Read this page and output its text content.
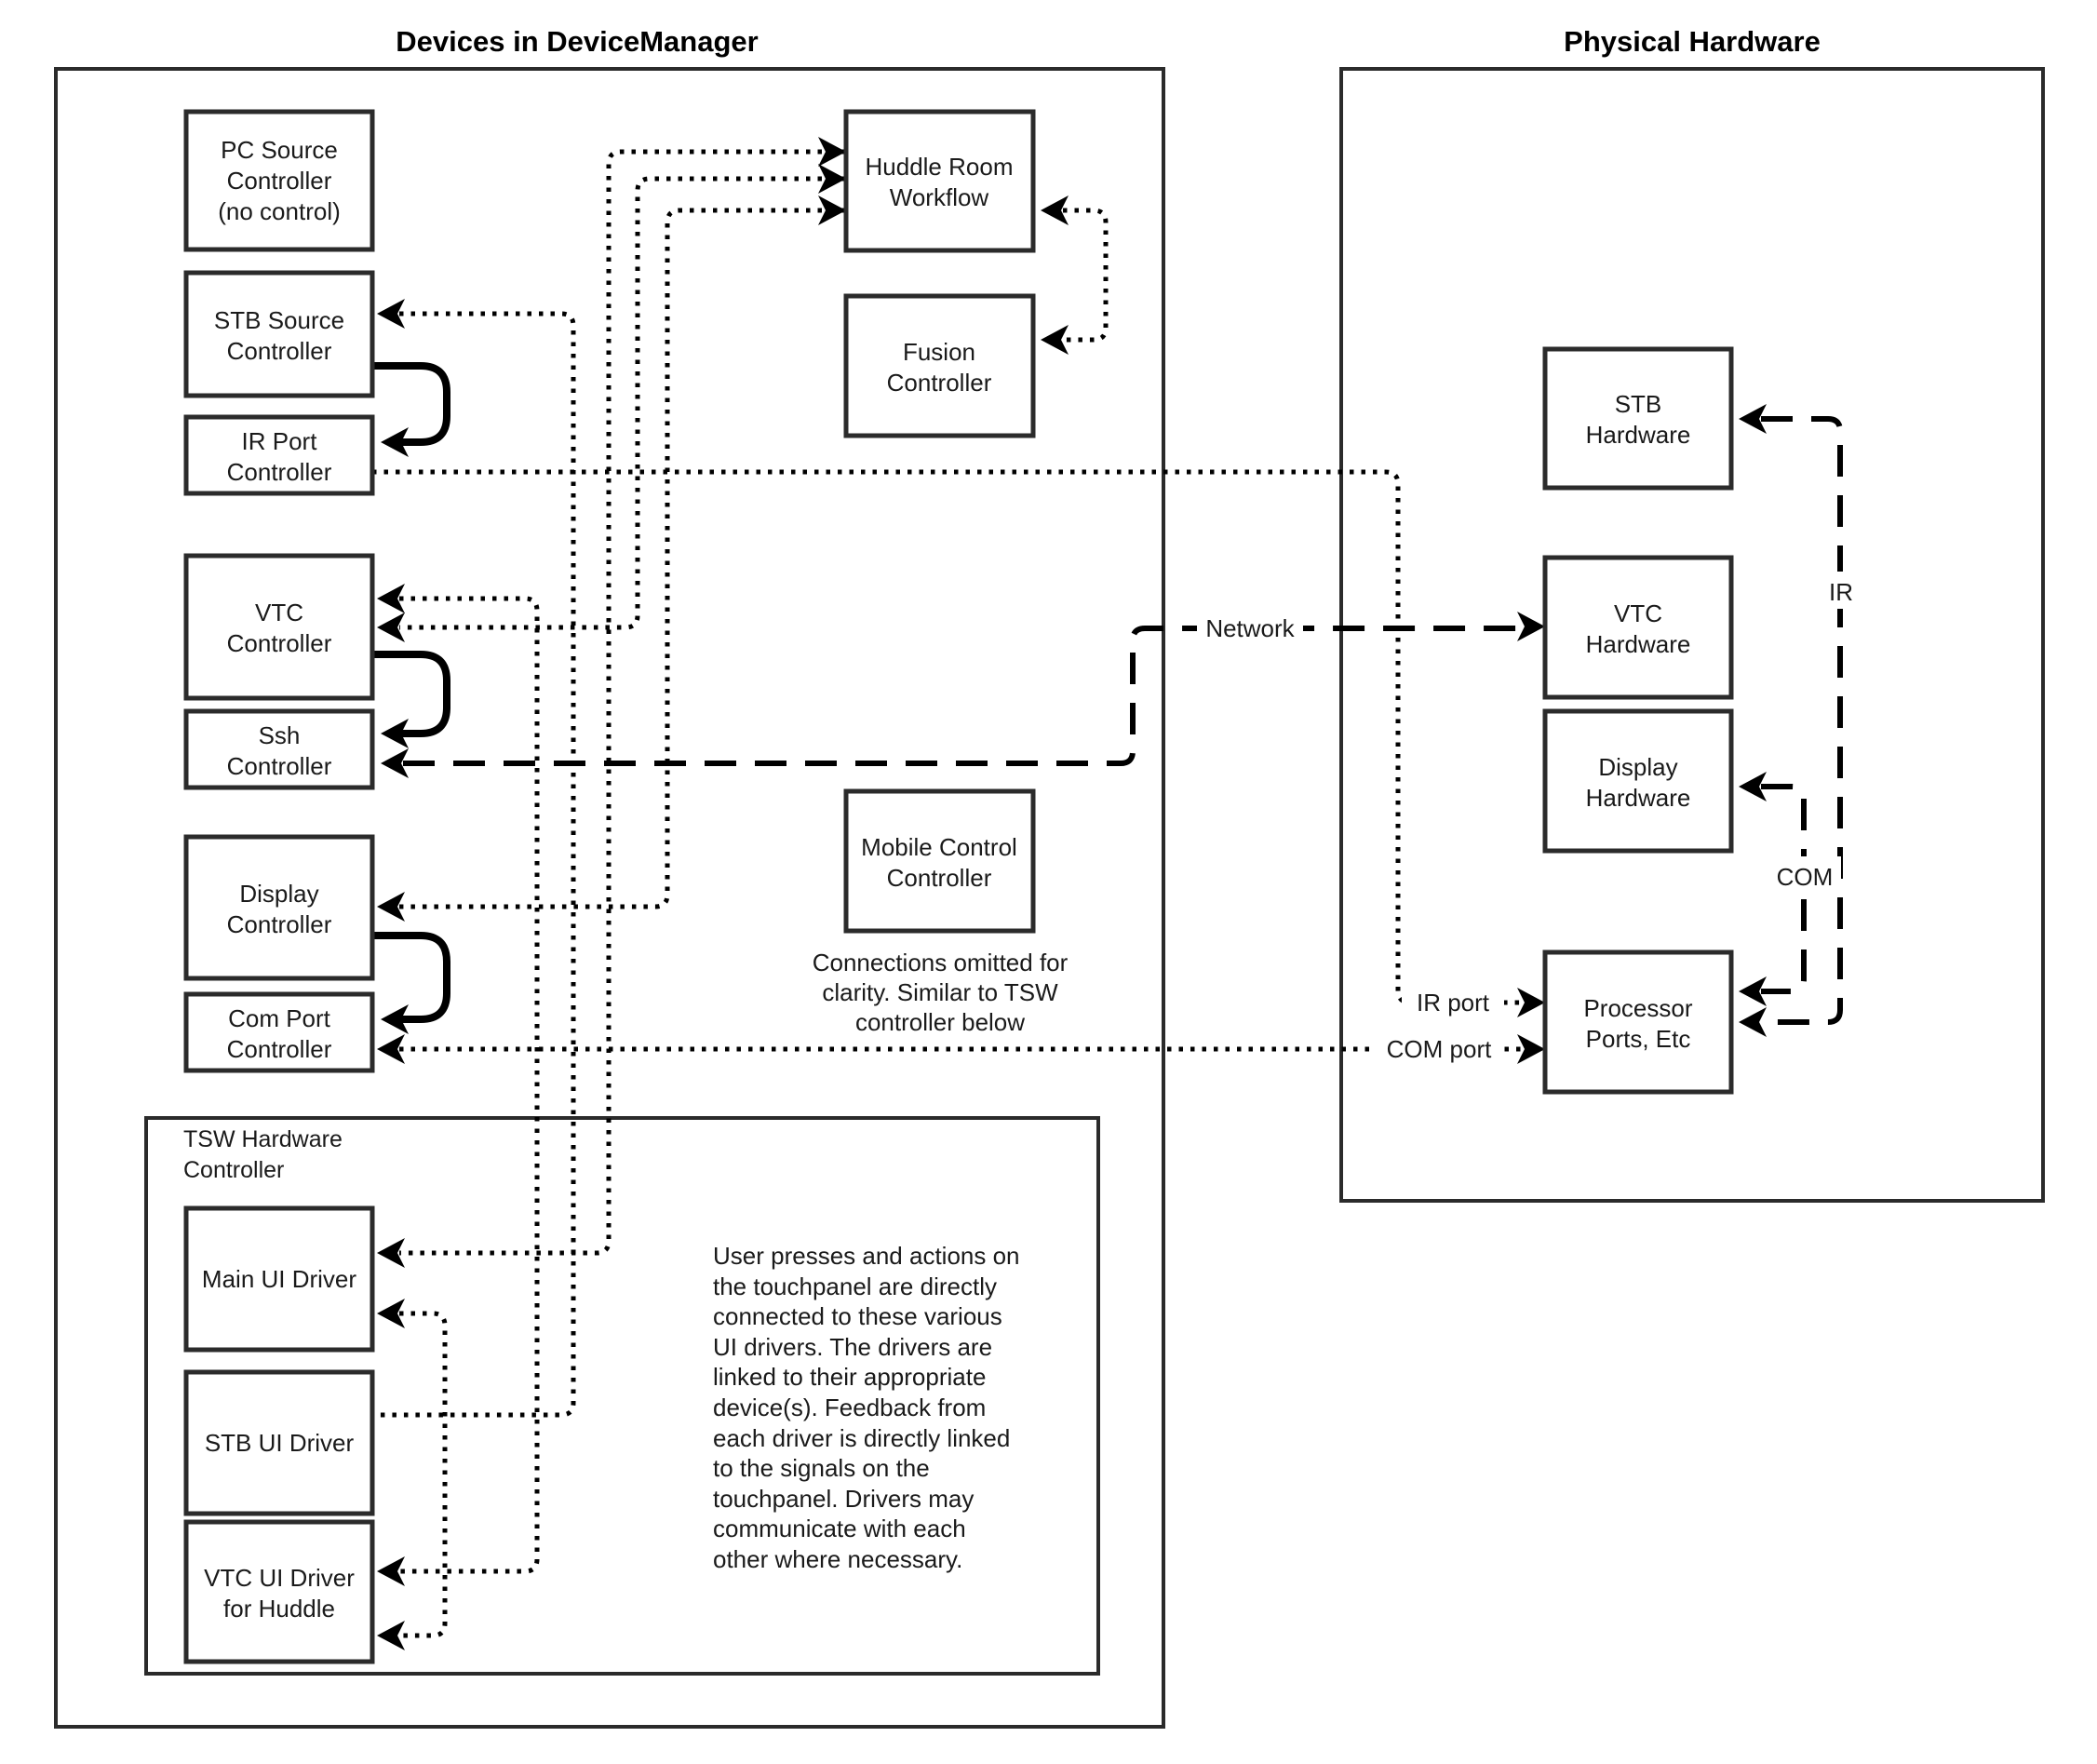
Devices in DeviceManager	Physical Hardware
Network
IR
COM
IR port
COM port
PC Source
Controller
(no control)
STB Source
Controller
IR Port
Controller
VTC
Controller
Ssh
Controller
Display
Controller
Com Port
Controller
Huddle Room
Workflow
Fusion
Controller
Mobile Control
Controller
Connections omitted for
clarity. Similar to TSW
controller below
TSW Hardware
Controller
Main UI Driver
STB UI Driver
VTC UI Driver
for Huddle
User presses and actions on
the touchpanel are directly
connected to these various
UI drivers. The drivers are
linked to their appropriate
device(s). Feedback from
each driver is directly linked
to the signals on the
touchpanel. Drivers may
communicate with each
other where necessary.
STB
Hardware
VTC
Hardware
Display
Hardware
Processor
Ports, Etc
